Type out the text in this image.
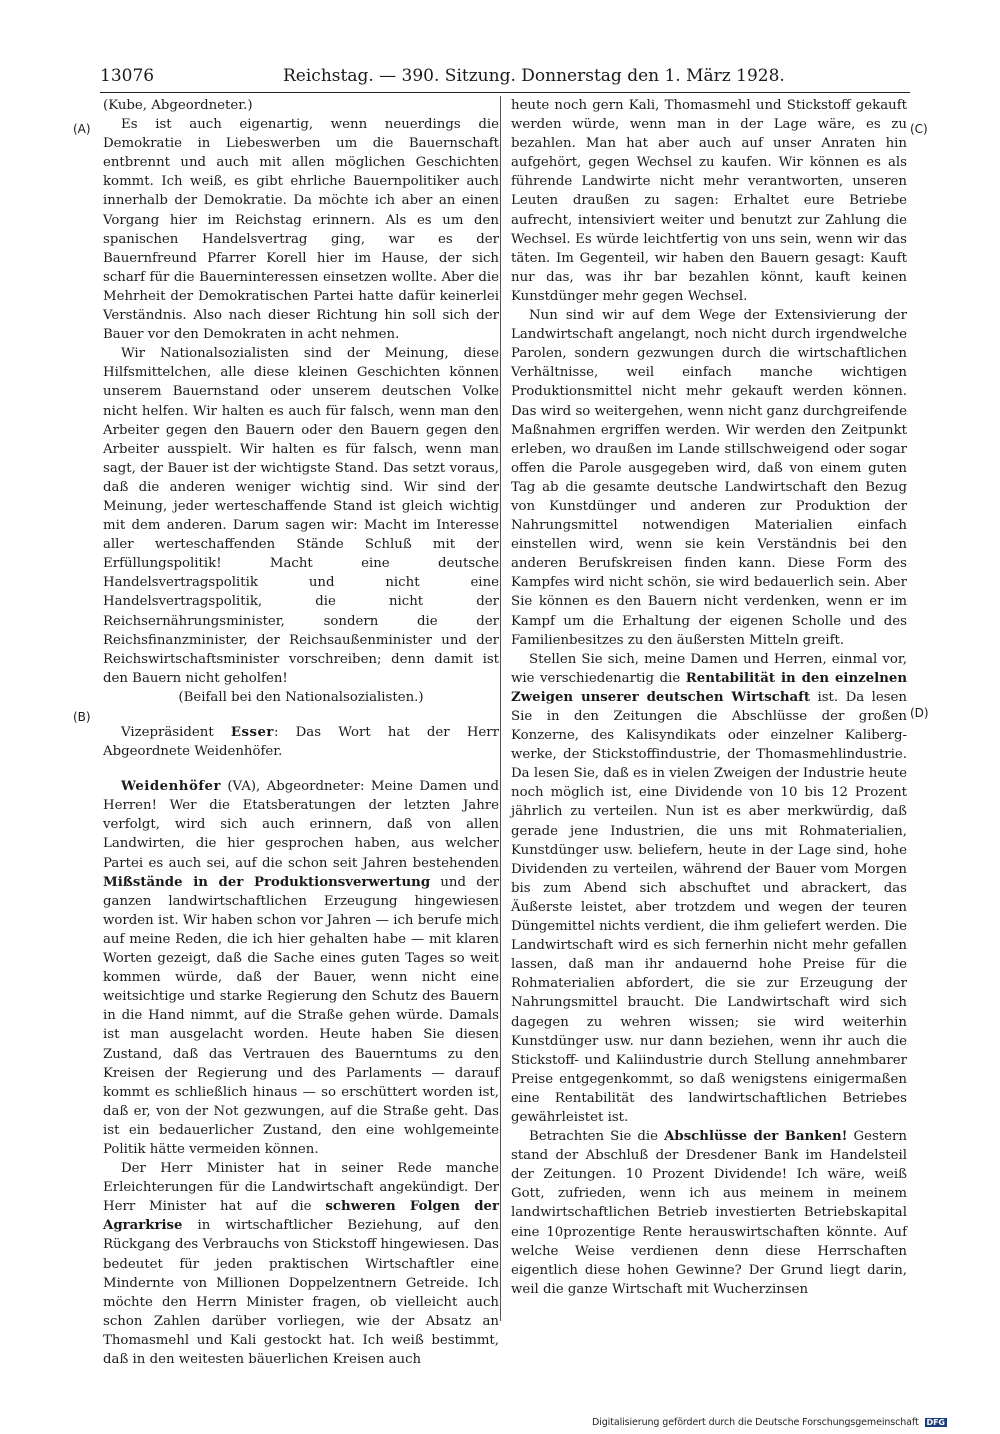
13076	Reichstag. — 390. Sitzung. Donnerstag den 1. März 1928.
(A)
(B)
(C)
(D)

(Kube, Abgeordneter.)

Es ist auch eigenartig, wenn neuerdings die Demokratie in Liebeswerben um die Bauernschaft entbrennt und auch mit allen möglichen Geschichten kommt. Ich weiß, es gibt ehrliche Bauernpolitiker auch innerhalb der Demokratie. Da möchte ich aber an einen Vorgang hier im Reichstag erinnern. Als es um den spanischen Handelsvertrag ging, war es der Bauernfreund Pfarrer Korell hier im Hause, der sich scharf für die Bauerninteressen einsetzen wollte. Aber die Mehrheit der Demokratischen Partei hatte dafür keinerlei Verständnis. Also nach dieser Richtung hin soll sich der Bauer vor den Demokraten in acht nehmen.

Wir Nationalsozialisten sind der Meinung, diese Hilfsmittelchen, alle diese kleinen Geschichten können unserem Bauernstand oder unserem deutschen Volke nicht helfen. Wir halten es auch für falsch, wenn man den Arbeiter gegen den Bauern oder den Bauern gegen den Arbeiter ausspielt. Wir halten es für falsch, wenn man sagt, der Bauer ist der wichtigste Stand. Das setzt voraus, daß die anderen weniger wichtig sind. Wir sind der Meinung, jeder werteschaffende Stand ist gleich wichtig mit dem anderen. Darum sagen wir: Macht im Interesse aller werteschaffenden Stände Schluß mit der Erfüllungspolitik! Macht eine deutsche Handelsvertragspolitik und nicht eine Handelsvertragspolitik, die nicht der Reichsernährungsminister, sondern die der Reichsfinanzminister, der Reichsaußenminister und der Reichswirtschaftsminister vorschreiben; denn damit ist den Bauern nicht geholfen!

(Beifall bei den Nationalsozialisten.)

Vizepräsident Esser: Das Wort hat der Herr Abgeordnete Weidenhöfer.

Weidenhöfer (VA), Abgeordneter: Meine Damen und Herren! Wer die Etatsberatungen der letzten Jahre verfolgt, wird sich auch erinnern, daß von allen Landwirten, die hier gesprochen haben, aus welcher Partei es auch sei, auf die schon seit Jahren bestehenden Mißstände in der Produktionsverwertung und der ganzen landwirtschaftlichen Erzeugung hingewiesen worden ist. Wir haben schon vor Jahren — ich berufe mich auf meine Reden, die ich hier gehalten habe — mit klaren Worten gezeigt, daß die Sache eines guten Tages so weit kommen würde, daß der Bauer, wenn nicht eine weitsichtige und starke Regierung den Schutz des Bauern in die Hand nimmt, auf die Straße gehen würde. Damals ist man ausgelacht worden. Heute haben Sie diesen Zustand, daß das Vertrauen des Bauerntums zu den Kreisen der Regierung und des Parlaments — darauf kommt es schließlich hinaus — so erschüttert worden ist, daß er, von der Not gezwungen, auf die Straße geht. Das ist ein bedauerlicher Zustand, den eine wohlgemeinte Politik hätte vermeiden können.

Der Herr Minister hat in seiner Rede manche Erleichterungen für die Landwirtschaft angekündigt. Der Herr Minister hat auf die schweren Folgen der Agrarkrise in wirtschaftlicher Beziehung, auf den Rückgang des Verbrauchs von Stickstoff hingewiesen. Das bedeutet für jeden praktischen Wirtschaftler eine Mindernte von Millionen Doppelzentnern Getreide. Ich möchte den Herrn Minister fragen, ob vielleicht auch schon Zahlen darüber vorliegen, wie der Absatz an Thomasmehl und Kali gestockt hat. Ich weiß bestimmt, daß in den weitesten bäuerlichen Kreisen auch

heute noch gern Kali, Thomasmehl und Stickstoff gekauft werden würde, wenn man in der Lage wäre, es zu bezahlen. Man hat aber auch auf unser Anraten hin aufgehört, gegen Wechsel zu kaufen. Wir können es als führende Landwirte nicht mehr verantworten, unseren Leuten draußen zu sagen: Erhaltet eure Betriebe aufrecht, intensiviert weiter und benutzt zur Zahlung die Wechsel. Es würde leichtfertig von uns sein, wenn wir das täten. Im Gegenteil, wir haben den Bauern gesagt: Kauft nur das, was ihr bar bezahlen könnt, kauft keinen Kunstdünger mehr gegen Wechsel.

Nun sind wir auf dem Wege der Extensivierung der Landwirtschaft angelangt, noch nicht durch irgendwelche Parolen, sondern gezwungen durch die wirtschaftlichen Verhältnisse, weil einfach manche wichtigen Produktionsmittel nicht mehr gekauft werden können. Das wird so weitergehen, wenn nicht ganz durchgreifende Maßnahmen ergriffen werden. Wir werden den Zeitpunkt erleben, wo draußen im Lande stillschweigend oder sogar offen die Parole ausgegeben wird, daß von einem guten Tag ab die gesamte deutsche Landwirtschaft den Bezug von Kunstdünger und anderen zur Produktion der Nahrungsmittel notwendigen Materialien einfach einstellen wird, wenn sie kein Verständnis bei den anderen Berufskreisen finden kann. Diese Form des Kampfes wird nicht schön, sie wird bedauerlich sein. Aber Sie können es den Bauern nicht verdenken, wenn er im Kampf um die Erhaltung der eigenen Scholle und des Familienbesitzes zu den äußersten Mitteln greift.

Stellen Sie sich, meine Damen und Herren, einmal vor, wie verschiedenartig die Rentabilität in den einzelnen Zweigen unserer deutschen Wirtschaft ist. Da lesen Sie in den Zeitungen die Abschlüsse der großen Konzerne, des Kalisyndikats oder einzelner Kalibergwerke, der Stickstoffindustrie, der Thomasmehlindustrie. Da lesen Sie, daß es in vielen Zweigen der Industrie heute noch möglich ist, eine Dividende von 10 bis 12 Prozent jährlich zu verteilen. Nun ist es aber merkwürdig, daß gerade jene Industrien, die uns mit Rohmaterialien, Kunstdünger usw. beliefern, heute in der Lage sind, hohe Dividenden zu verteilen, während der Bauer vom Morgen bis zum Abend sich abschuftet und abrackert, das Äußerste leistet, aber trotzdem und wegen der teuren Düngemittel nichts verdient, die ihm geliefert werden. Die Landwirtschaft wird es sich fernerhin nicht mehr gefallen lassen, daß man ihr andauernd hohe Preise für die Rohmaterialien abfordert, die sie zur Erzeugung der Nahrungsmittel braucht. Die Landwirtschaft wird sich dagegen zu wehren wissen; sie wird weiterhin Kunstdünger usw. nur dann beziehen, wenn ihr auch die Stickstoff- und Kaliindustrie durch Stellung annehmbarer Preise entgegenkommt, so daß wenigstens einigermaßen eine Rentabilität des landwirtschaftlichen Betriebes gewährleistet ist.

Betrachten Sie die Abschlüsse der Banken! Gestern stand der Abschluß der Dresdener Bank im Handelsteil der Zeitungen. 10 Prozent Dividende! Ich wäre, weiß Gott, zufrieden, wenn ich aus meinem in meinem landwirtschaftlichen Betrieb investierten Betriebskapital eine 10prozentige Rente herauswirtschaften könnte. Auf welche Weise verdienen denn diese Herrschaften eigentlich diese hohen Gewinne? Der Grund liegt darin, weil die ganze Wirtschaft mit Wucherzinsen

Digitalisierung gefördert durch die Deutsche Forschungsgemeinschaft DFG
